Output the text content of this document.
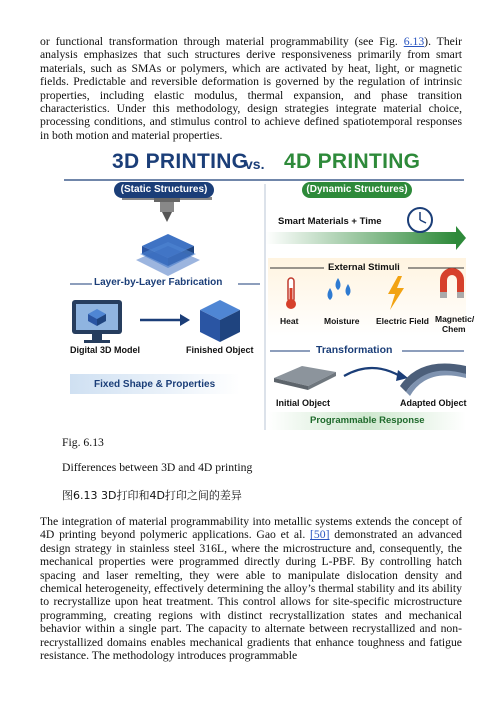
or functional transformation through material programmability (see Fig. 6.13). Their analysis emphasizes that such structures derive responsiveness primarily from smart materials, such as SMAs or polymers, which are activated by heat, light, or magnetic fields. Predictable and reversible deformation is governed by the regulation of intrinsic properties, including elastic modulus, thermal expansion, and phase transition characteristics. Under this methodology, design strategies integrate material choice, processing conditions, and stimulus control to achieve defined spatiotemporal responses in both motion and material properties.

3D PRINTING
vs. 4D PRINTING
(Static Structures)	(Dynamic Structures)
Layer-by-Layer Fabrication
Digital 3D Model	Finished Object
Fixed Shape & Properties
Smart Materials + Time
External Stimuli
Heat	Moisture Electric Field Magnetic/
Chem
Transformation
Initial Object	Adapted Object
Programmable Response
Fig. 6.13
Differences between 3D and 4D printing
图6.13 3D打印和4D打印之间的差异

The integration of material programmability into metallic systems extends the concept of 4D printing beyond polymeric applications. Gao et al. [50] demonstrated an advanced design strategy in stainless steel 316L, where the microstructure and, consequently, the mechanical properties were programmed directly during L-PBF. By controlling hatch spacing and laser remelting, they were able to manipulate dislocation density and chemical heterogeneity, effectively determining the alloy’s thermal stability and its ability to recrystallize upon heat treatment. This control allows for site-specific microstructure programming, creating regions with distinct recrystallization states and mechanical behavior within a single part. The capacity to alternate between recrystallized and non-recrystallized domains enables mechanical gradients that enhance toughness and fatigue resistance. The methodology introduces programmable
